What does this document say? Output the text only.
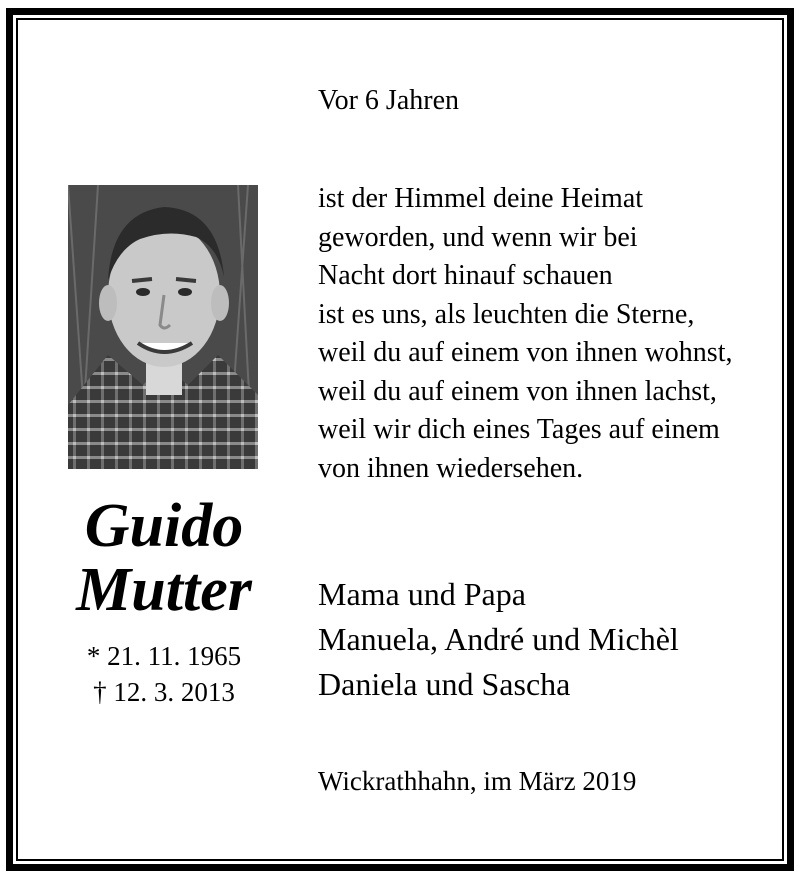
Vor 6 Jahren
ist der Himmel deine Heimat
geworden, und wenn wir bei
Nacht dort hinauf schauen
ist es uns, als leuchten die Sterne,
weil du auf einem von ihnen wohnst,
weil du auf einem von ihnen lachst,
weil wir dich eines Tages auf einem
von ihnen wiedersehen.
Guido
Mutter
* 21. 11. 1965
† 12. 3. 2013
Mama und Papa
Manuela, André und Michèl
Daniela und Sascha
Wickrathhahn, im März 2019
